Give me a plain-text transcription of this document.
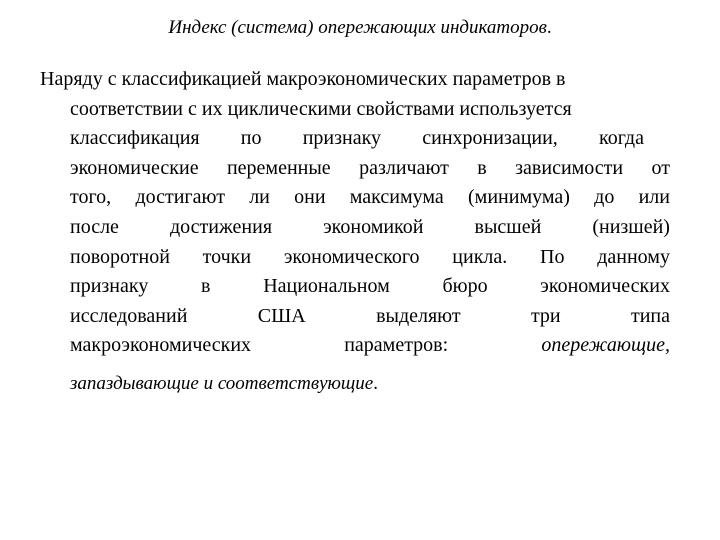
Индекс (система) опережающих индикаторов.
Наряду с классификацией макроэкономических параметров в
соответствии с их циклическими свойствами используется
классификация по признаку синхронизации, когда
экономические переменные различают в зависимости от
того, достигают ли они максимума (минимума) до или
после	достижения	экономикой	высшей	(низшей)
поворотной точки экономического цикла. По данному
признаку	в	Национальном	бюро	экономических
исследований	США	выделяют	три	типа
макроэкономических	параметров:	опережающие,
запаздывающие и соответствующие.
